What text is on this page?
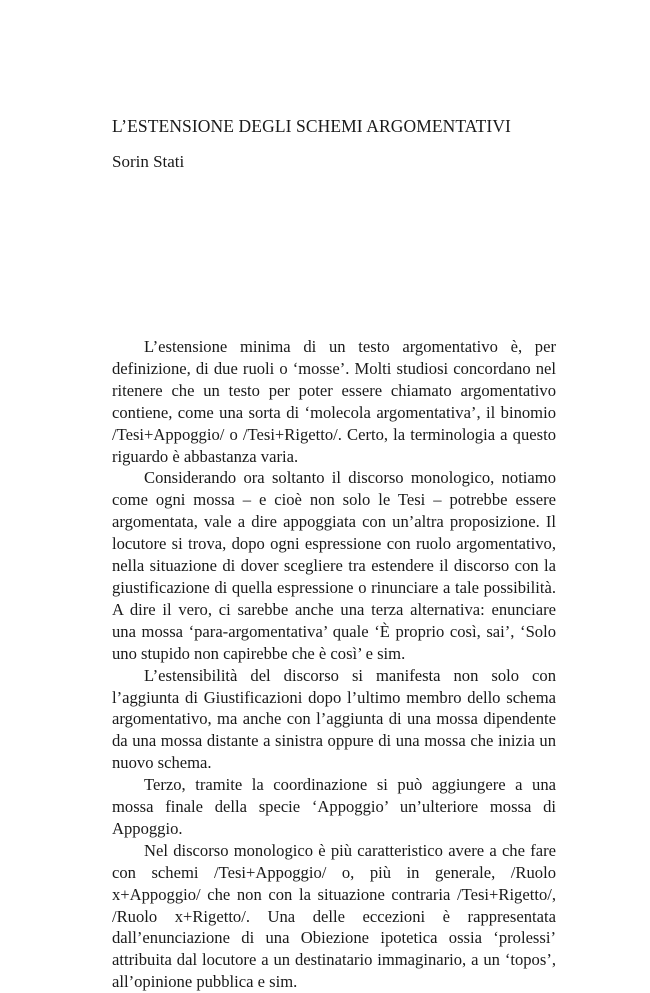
L’ESTENSIONE DEGLI SCHEMI ARGOMENTATIVI
Sorin Stati

L’estensione minima di un testo argomentativo è, per definizione, di due ruoli o ‘mosse’. Molti studiosi concordano nel ritenere che un testo per poter essere chiamato argomentativo contiene, come una sorta di ‘molecola argomentativa’, il binomio /Tesi+Appoggio/ o /Tesi+Rigetto/. Certo, la terminologia a questo riguardo è abbastanza varia.

Considerando ora soltanto il discorso monologico, notiamo come ogni mossa – e cioè non solo le Tesi – potrebbe essere argomentata, vale a dire appoggiata con un’altra proposizione. Il locutore si trova, dopo ogni espressione con ruolo argomentativo, nella situazione di dover scegliere tra estendere il discorso con la giustificazione di quella espressione o rinunciare a tale possibilità. A dire il vero, ci sarebbe anche una terza alternativa: enunciare una mossa ‘para-argomentativa’ quale ‘È proprio così, sai’, ‘Solo uno stupido non capirebbe che è così’ e sim.

L’estensibilità del discorso si manifesta non solo con l’aggiunta di Giustificazioni dopo l’ultimo membro dello schema argomentativo, ma anche con l’aggiunta di una mossa dipendente da una mossa distante a sinistra oppure di una mossa che inizia un nuovo schema.

Terzo, tramite la coordinazione si può aggiungere a una mossa finale della specie ‘Appoggio’ un’ulteriore mossa di Appoggio.

Nel discorso monologico è più caratteristico avere a che fare con schemi /Tesi+Appoggio/ o, più in generale, /Ruolo x+Appoggio/ che non con la situazione contraria /Tesi+Rigetto/, /Ruolo x+Rigetto/. Una delle eccezioni è rappresentata dall’enunciazione di una Obiezione ipotetica ossia ‘prolessi’ attribuita dal locutore a un destinatario immaginario, a un ‘topos’, all’opinione pubblica e sim.
